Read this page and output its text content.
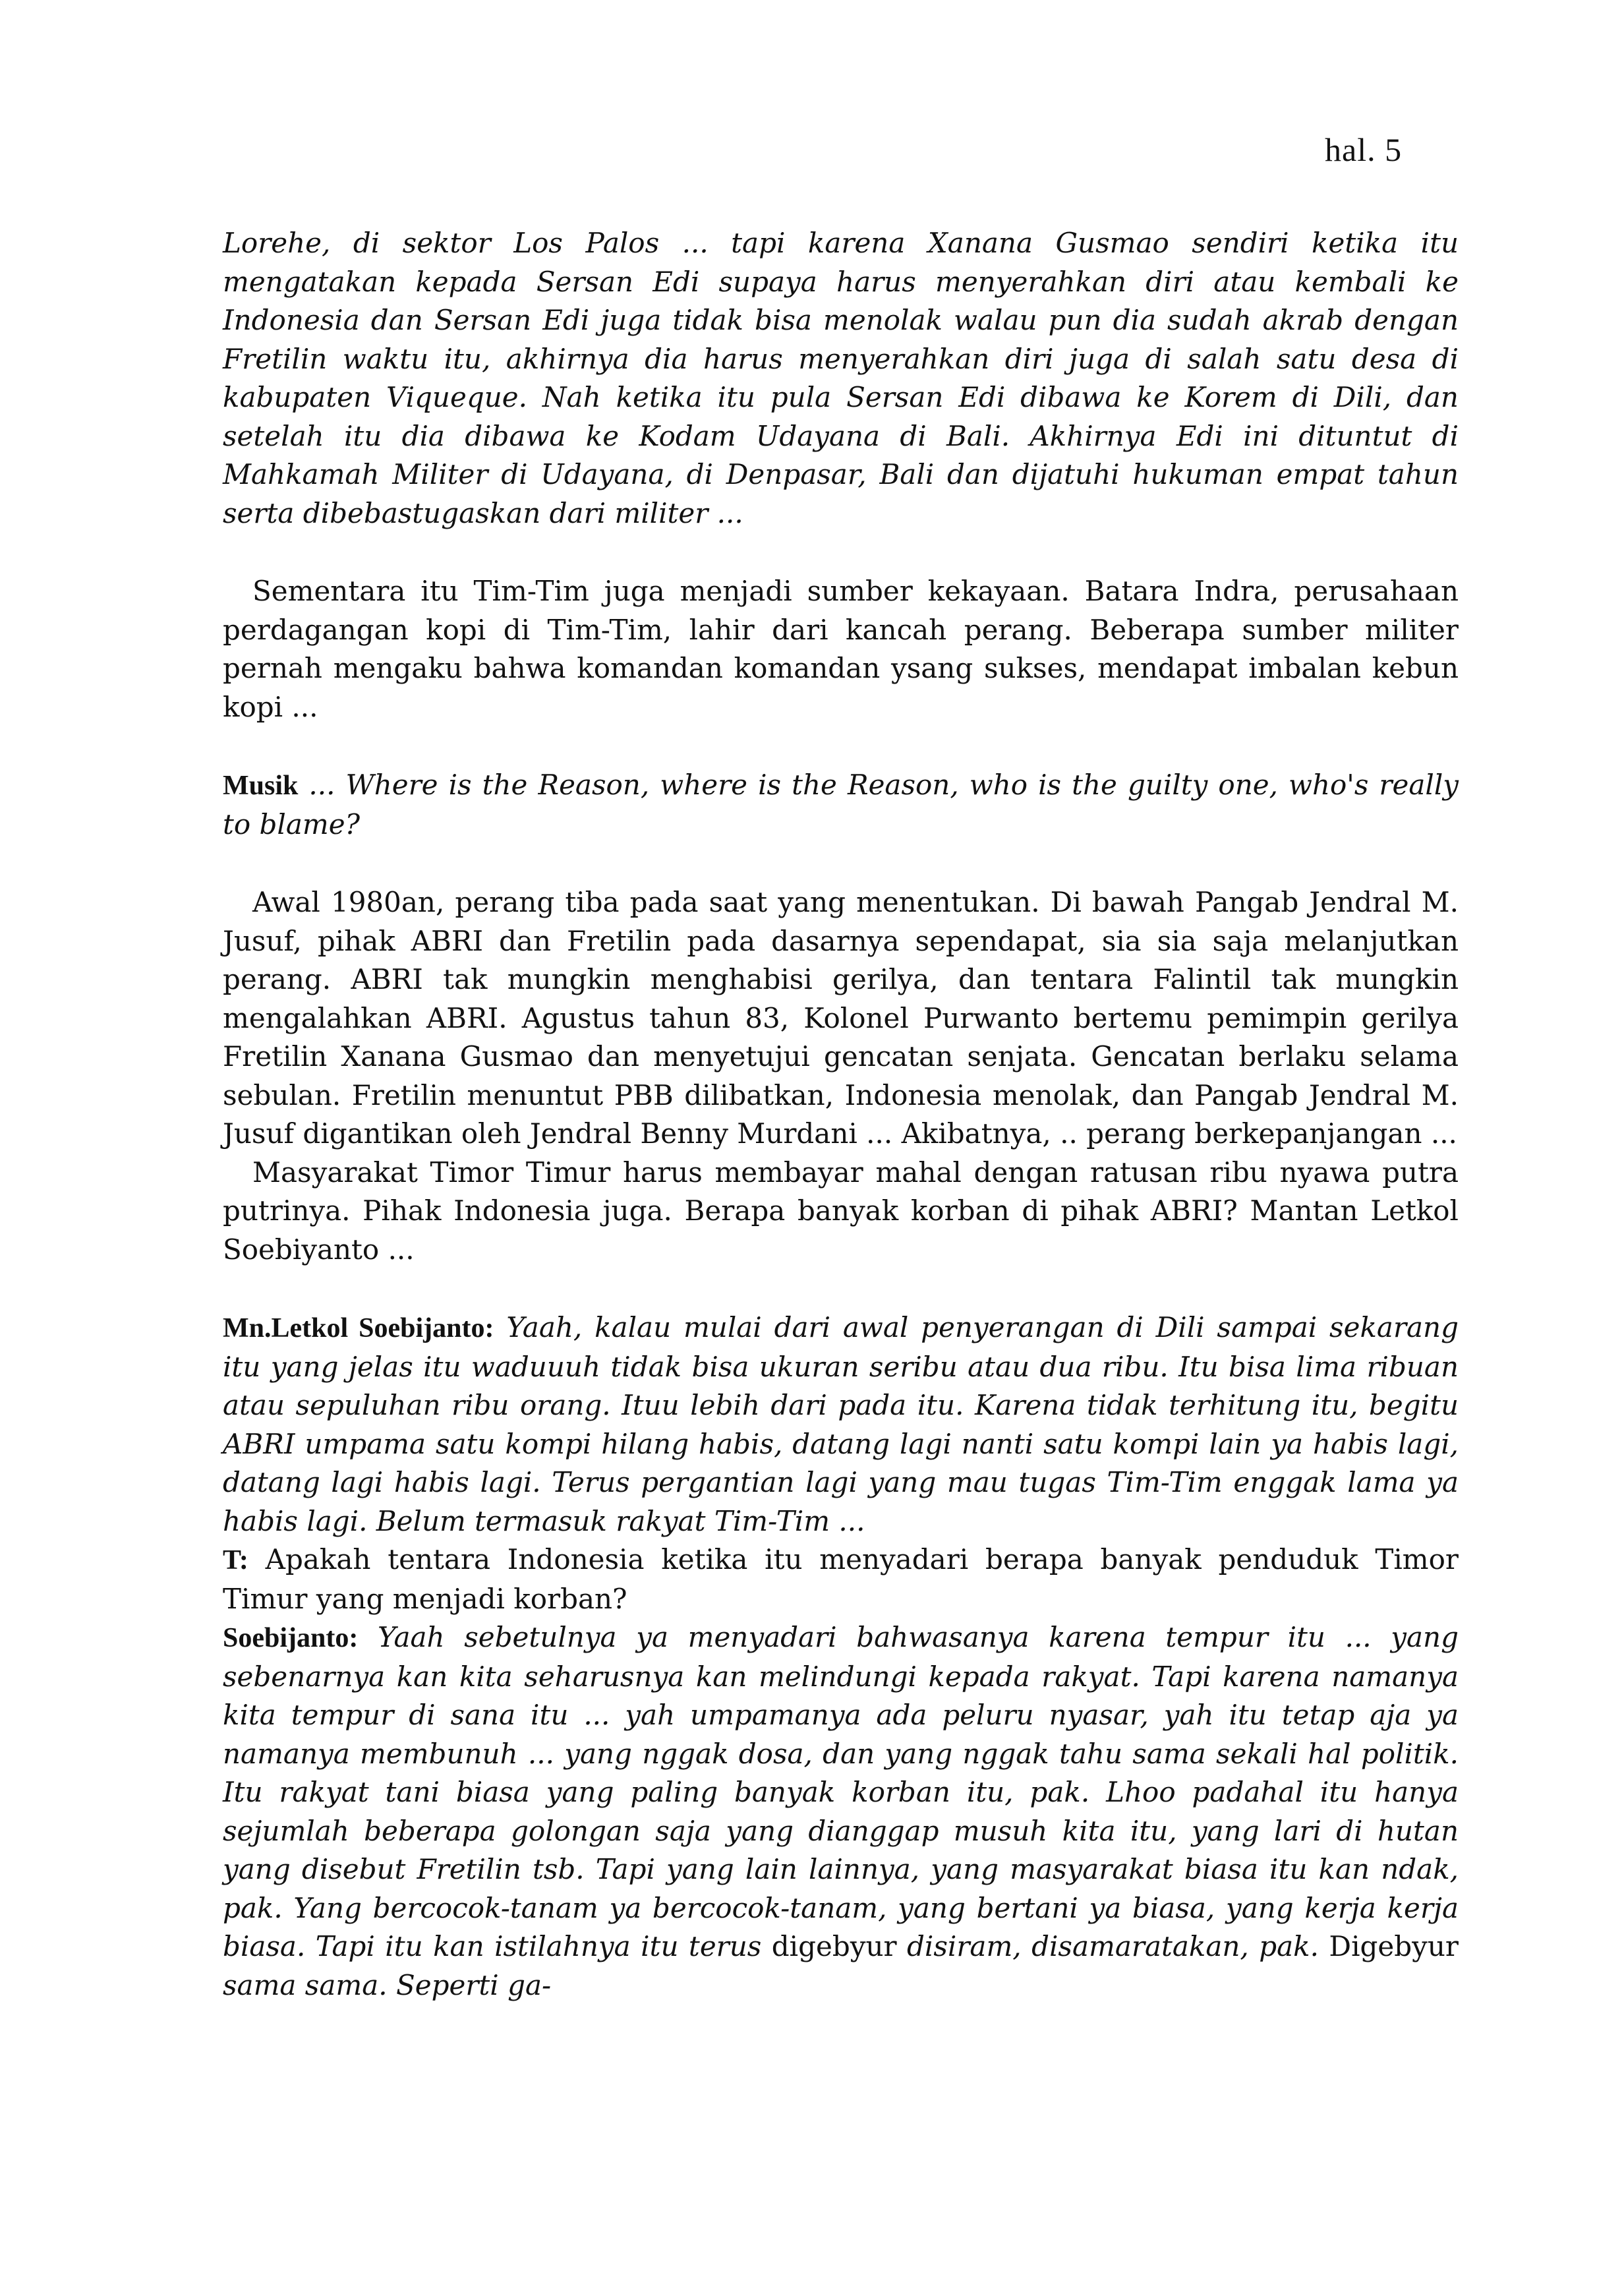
hal. 5

Lorehe, di sektor Los Palos ... tapi karena Xanana Gusmao sendiri ketika itu mengatakan kepada Sersan Edi supaya harus menyerahkan diri atau kembali ke Indonesia dan Sersan Edi juga tidak bisa menolak walau pun dia sudah akrab dengan Fretilin waktu itu, akhirnya dia harus menyerahkan diri juga di salah satu desa di kabupaten Viqueque. Nah ketika itu pula Sersan Edi dibawa ke Korem di Dili, dan setelah itu dia dibawa ke Kodam Udayana di Bali. Akhirnya Edi ini dituntut di Mahkamah Militer di Udayana, di Denpasar, Bali dan dijatuhi hukuman empat tahun serta dibebastugaskan dari militer ...

Sementara itu Tim-Tim juga menjadi sumber kekayaan. Batara Indra, perusahaan perdagangan kopi di Tim-Tim, lahir dari kancah perang. Beberapa sumber militer pernah mengaku bahwa komandan komandan ysang sukses, mendapat imbalan kebun kopi ...

Musik ... Where is the Reason, where is the Reason, who is the guilty one, who's really to blame?

Awal 1980an, perang tiba pada saat yang menentukan. Di bawah Pangab Jendral M. Jusuf, pihak ABRI dan Fretilin pada dasarnya sependapat, sia sia saja melanjutkan perang. ABRI tak mungkin menghabisi gerilya, dan tentara Falintil tak mungkin mengalahkan ABRI. Agustus tahun 83, Kolonel Purwanto bertemu pemimpin gerilya Fretilin Xanana Gusmao dan menyetujui gencatan senjata. Gencatan berlaku selama sebulan. Fretilin menuntut PBB dilibatkan, Indonesia menolak, dan Pangab Jendral M. Jusuf digantikan oleh Jendral Benny Murdani ... Akibatnya, .. perang berkepanjangan ...

Masyarakat Timor Timur harus membayar mahal dengan ratusan ribu nyawa putra putrinya. Pihak Indonesia juga. Berapa banyak korban di pihak ABRI? Mantan Letkol Soebiyanto ...

Mn.Letkol Soebijanto: Yaah, kalau mulai dari awal penyerangan di Dili sampai sekarang itu yang jelas itu waduuuh tidak bisa ukuran seribu atau dua ribu. Itu bisa lima ribuan atau sepuluhan ribu orang. Ituu lebih dari pada itu. Karena tidak terhitung itu, begitu ABRI umpama satu kompi hilang habis, datang lagi nanti satu kompi lain ya habis lagi, datang lagi habis lagi. Terus pergantian lagi yang mau tugas Tim-Tim enggak lama ya habis lagi. Belum termasuk rakyat Tim-Tim ...

T: Apakah tentara Indonesia ketika itu menyadari berapa banyak penduduk Timor Timur yang menjadi korban?

Soebijanto: Yaah sebetulnya ya menyadari bahwasanya karena tempur itu ... yang sebenarnya kan kita seharusnya kan melindungi kepada rakyat. Tapi karena namanya kita tempur di sana itu ... yah umpamanya ada peluru nyasar, yah itu tetap aja ya namanya membunuh ... yang nggak dosa, dan yang nggak tahu sama sekali hal politik. Itu rakyat tani biasa yang paling banyak korban itu, pak. Lhoo padahal itu hanya sejumlah beberapa golongan saja yang dianggap musuh kita itu, yang lari di hutan yang disebut Fretilin tsb. Tapi yang lain lainnya, yang masyarakat biasa itu kan ndak, pak. Yang bercocok-tanam ya bercocok-tanam, yang bertani ya biasa, yang kerja kerja biasa. Tapi itu kan istilahnya itu terus digebyur disiram, disamaratakan, pak. Digebyur sama sama. Seperti ga-
